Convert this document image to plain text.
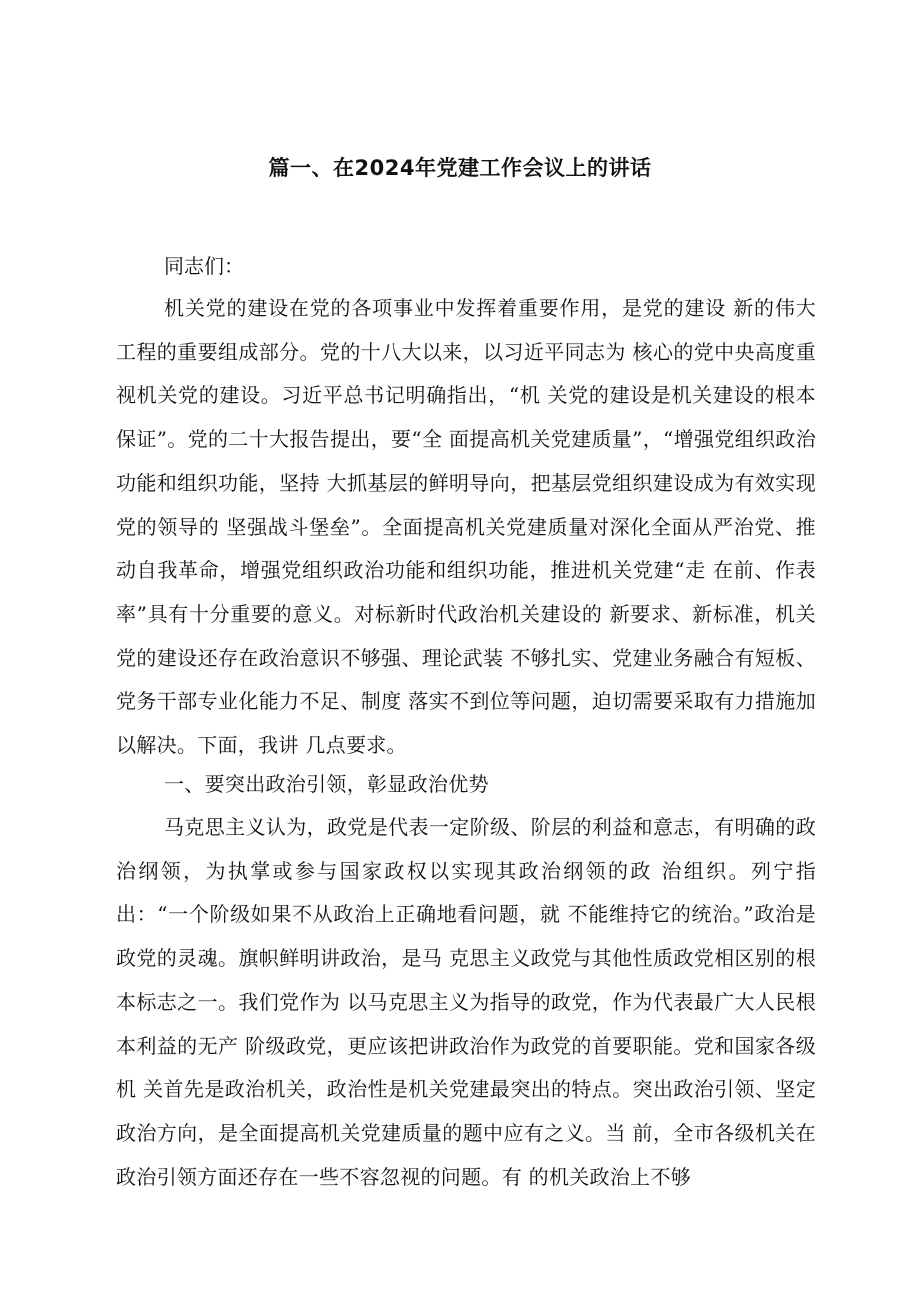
篇一、在2024年党建工作会议上的讲话
同志们：

机关党的建设在党的各项事业中发挥着重要作用，是党的建设 新的伟大工程的重要组成部分。党的十八大以来，以习近平同志为 核心的党中央高度重视机关党的建设。习近平总书记明确指出，“机 关党的建设是机关建设的根本保证”。党的二十大报告提出，要“全 面提高机关党建质量”，“增强党组织政治功能和组织功能，坚持 大抓基层的鲜明导向，把基层党组织建设成为有效实现党的领导的 坚强战斗堡垒”。全面提高机关党建质量对深化全面从严治党、推 动自我革命，增强党组织政治功能和组织功能，推进机关党建“走 在前、作表率”具有十分重要的意义。对标新时代政治机关建设的 新要求、新标准，机关党的建设还存在政治意识不够强、理论武装 不够扎实、党建业务融合有短板、党务干部专业化能力不足、制度 落实不到位等问题，迫切需要采取有力措施加以解决。下面，我讲 几点要求。

一、要突出政治引领，彰显政治优势

马克思主义认为，政党是代表一定阶级、阶层的利益和意志，有明确的政治纲领，为执掌或参与国家政权以实现其政治纲领的政 治组织。列宁指出：“一个阶级如果不从政治上正确地看问题，就 不能维持它的统治。”政治是政党的灵魂。旗帜鲜明讲政治，是马 克思主义政党与其他性质政党相区别的根本标志之一。我们党作为 以马克思主义为指导的政党，作为代表最广大人民根本利益的无产 阶级政党，更应该把讲政治作为政党的首要职能。党和国家各级机 关首先是政治机关，政治性是机关党建最突出的特点。突出政治引领、坚定政治方向，是全面提高机关党建质量的题中应有之义。当 前，全市各级机关在政治引领方面还存在一些不容忽视的问题。有 的机关政治上不够
